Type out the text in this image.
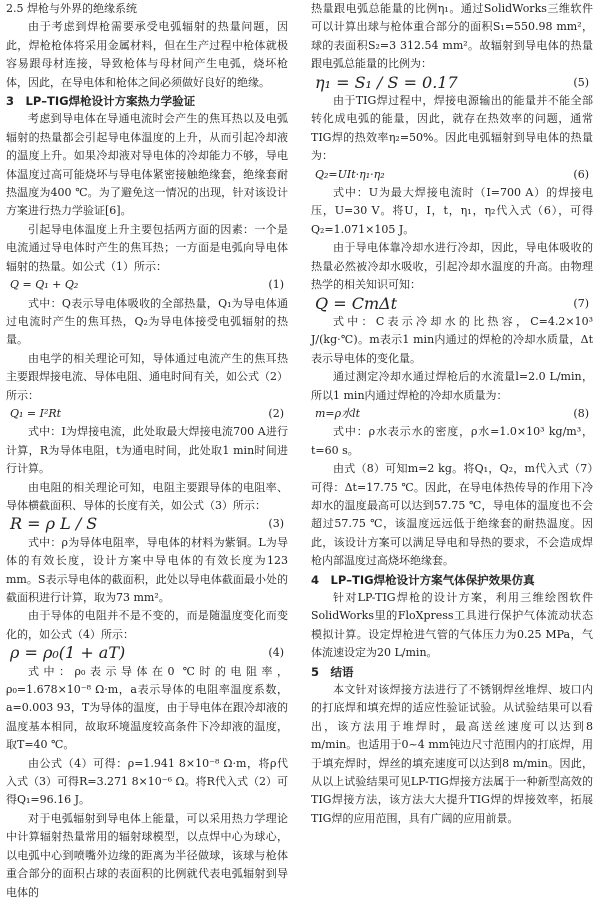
2.5 焊枪与外界的绝缘系统

由于考虑到焊枪需要承受电弧辐射的热量问题，因此，焊枪枪体将采用金属材料，但在生产过程中枪体就极容易跟母材连接，导致枪体与母材间产生电弧，烧坏枪体，因此，在导电体和枪体之间必须做好良好的绝缘。

3　LP–TIG焊枪设计方案热力学验证

考虑到导电体在导通电流时会产生的焦耳热以及电弧辐射的热量都会引起导电体温度的上升，从而引起冷却液的温度上升。如果冷却液对导电体的冷却能力不够，导电体温度过高可能烧坏与导电体紧密接触绝缘套，绝缘套耐热温度为400 ℃。为了避免这一情况的出现，针对该设计方案进行热力学验证[6]。

引起导电体温度上升主要包括两方面的因素：一个是电流通过导电体时产生的焦耳热；一方面是电弧向导电体辐射的热量。如公式（1）所示：

Q = Q₁ + Q₂	(1)

式中：Q表示导电体吸收的全部热量，Q₁为导电体通过电流时产生的焦耳热，Q₂为导电体接受电弧辐射的热量。

由电学的相关理论可知，导体通过电流产生的焦耳热主要跟焊接电流、导体电阻、通电时间有关，如公式（2）所示：

Q₁ = I²Rt	(2)

式中：I为焊接电流，此处取最大焊接电流700 A进行计算，R为导体电阻，t为通电时间，此处取1 min时间进行计算。

由电阻的相关理论可知，电阻主要跟导体的电阻率、导体横截面积、导体的长度有关，如公式（3）所示：

R = ρ L / S	(3)

式中：ρ为导体电阻率，导电体的材料为紫铜。L为导体的有效长度，设计方案中导电体的有效长度为123 mm。S表示导电体的截面积，此处以导电体截面最小处的截面积进行计算，取为73 mm²。

由于导体的电阻并不是不变的，而是随温度变化而变化的，如公式（4）所示：

ρ = ρ₀(1 + aT)	(4)

式中：ρ₀表示导体在0 ℃时的电阻率，ρ₀=1.678×10⁻⁸ Ω·m，a表示导体的电阻率温度系数，a=0.003 93，T为导体的温度，由于导电体在跟冷却液的温度基本相同，故取环境温度较高条件下冷却液的温度，取T=40 ℃。

由公式（4）可得：ρ=1.941 8×10⁻⁸ Ω·m，将ρ代入式（3）可得R=3.271 8×10⁻⁶ Ω。将R代入式（2）可得Q₁=96.16 J。

对于电弧辐射到导电体上能量，可以采用热力学理论中计算辐射热量常用的辐射球模型，以点焊中心为球心，以电弧中心到喷嘴外边缘的距离为半径做球，该球与枪体重合部分的面积占球的表面积的比例就代表电弧辐射到导电体的

热量跟电弧总能量的比例η₁。通过SolidWorks三维软件可以计算出球与枪体重合部分的面积S₁=550.98 mm²，球的表面积S₂=3 312.54 mm²。故辐射到导电体的热量跟电弧总能量的比例为：

η₁ = S₁ / S = 0.17	(5)

由于TIG焊过程中，焊接电源输出的能量并不能全部转化成电弧的能量，因此，就存在热效率的问题，通常TIG焊的热效率η₂=50%。因此电弧辐射到导电体的热量为：

Q₂=UIt·η₁·η₂	(6)

式中：U为最大焊接电流时（I=700 A）的焊接电压，U=30 V。将U，I，t，η₁，η₂代入式（6），可得Q₂=1.071×105 J。

由于导电体靠冷却水进行冷却，因此，导电体吸收的热量必然被冷却水吸收，引起冷却水温度的升高。由物理热学的相关知识可知：

Q = CmΔt	(7)

式中：C表示冷却水的比热容，C=4.2×10³ J/(kg·℃)。m表示1 min内通过的焊枪的冷却水质量，Δt表示导电体的变化量。

通过测定冷却水通过焊枪后的水流量l=2.0 L/min，所以1 min内通过焊枪的冷却水质量为：

m=ρ水lt	(8)

式中：ρ水表示水的密度，ρ水=1.0×10³ kg/m³，t=60 s。

由式（8）可知m=2 kg。将Q₁，Q₂，m代入式（7）可得：Δt=17.75 ℃。因此，在导电体热传导的作用下冷却水的温度最高可以达到57.75 ℃，导电体的温度也不会超过57.75 ℃，该温度远远低于绝缘套的耐热温度。因此，该设计方案可以满足导电和导热的要求，不会造成焊枪内部温度过高烧坏绝缘套。

4　LP–TIG焊枪设计方案气体保护效果仿真

针对LP-TIG焊枪的设计方案，利用三维绘图软件SolidWorks里的FloXpress工具进行保护气体流动状态模拟计算。设定焊枪进气管的气体压力为0.25 MPa，气体流速设定为20 L/min。

5　结语

本文针对该焊接方法进行了不锈钢焊丝堆焊、坡口内的打底焊和填充焊的适应性验证试验。从试验结果可以看出，该方法用于堆焊时，最高送丝速度可以达到8 m/min。也适用于0~4 mm钝边尺寸范围内的打底焊，用于填充焊时，焊丝的填充速度可以达到8 m/min。因此，从以上试验结果可见LP-TIG焊接方法属于一种新型高效的TIG焊接方法，该方法大大提升TIG焊的焊接效率，拓展TIG焊的应用范围，具有广阔的应用前景。
